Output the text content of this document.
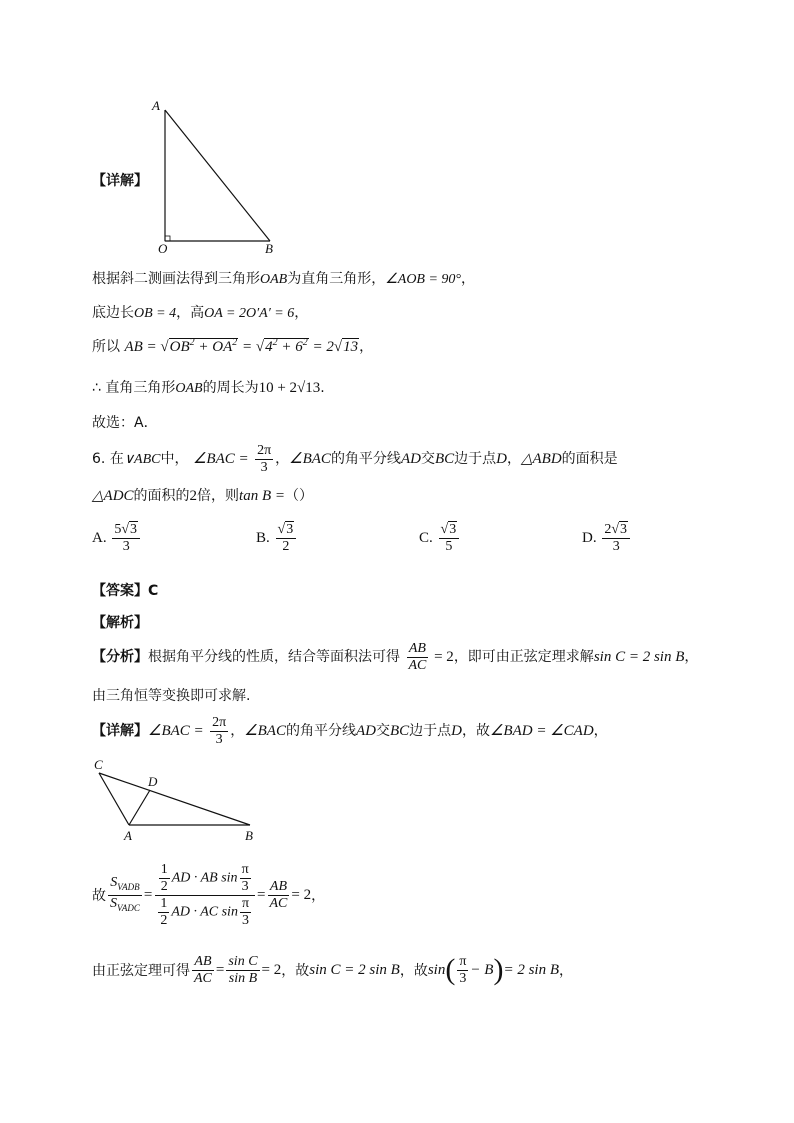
A
O	B
【详解】
根据斜二测画法得到三角形OAB为直角三角形，∠AOB = 90°，
底边长OB = 4，高OA = 2O′A′ = 6，
所以 AB = $√OB^2 + OA^2 = √4^2 + 6^2 = 2√13$，
∴ 直角三角形OAB的周长为10 + 2√13.
故选：A．
6. 在∨ABC中， ∠BAC = $\frac{2\pi}{3}$ ，∠BAC的角平分线AD交BC边于点D，△ABD的面积是
△ADC的面积的2倍，则tan B =（）
A. $\frac{5√3}{3}$	B. $\frac{√3}{2}$	C. $\frac{√3}{5}$	D. $\frac{2√3}{3}$
【答案】C
【解析】
【分析】根据角平分线的性质，结合等面积法可得 $\frac{AB}{AC} = 2$，即可由正弦定理求解sin C = 2 sin B，
由三角恒等变换即可求解.
【详解】∠BAC = $\frac{2\pi}{3}$ ，∠BAC的角平分线AD交BC边于点D，故∠BAD = ∠CAD，
C
D
A	B
故 $\frac{S_{VADB}}{S_{VADC}} = \frac{\frac{1}{2} AD \cdot AB \sin \frac{\pi}{3}}{\frac{1}{2} AD \cdot AC \sin \frac{\pi}{3}} = \frac{AB}{AC} = 2$ ，
由正弦定理可得 $\frac{AB}{AC} = \frac{\text{sin C}}{\text{sin B}} = 2$ ，故 sin C = 2 sin B ，故 sin ( $\frac{\pi}{3} - B$ ) = 2 sin B ，
